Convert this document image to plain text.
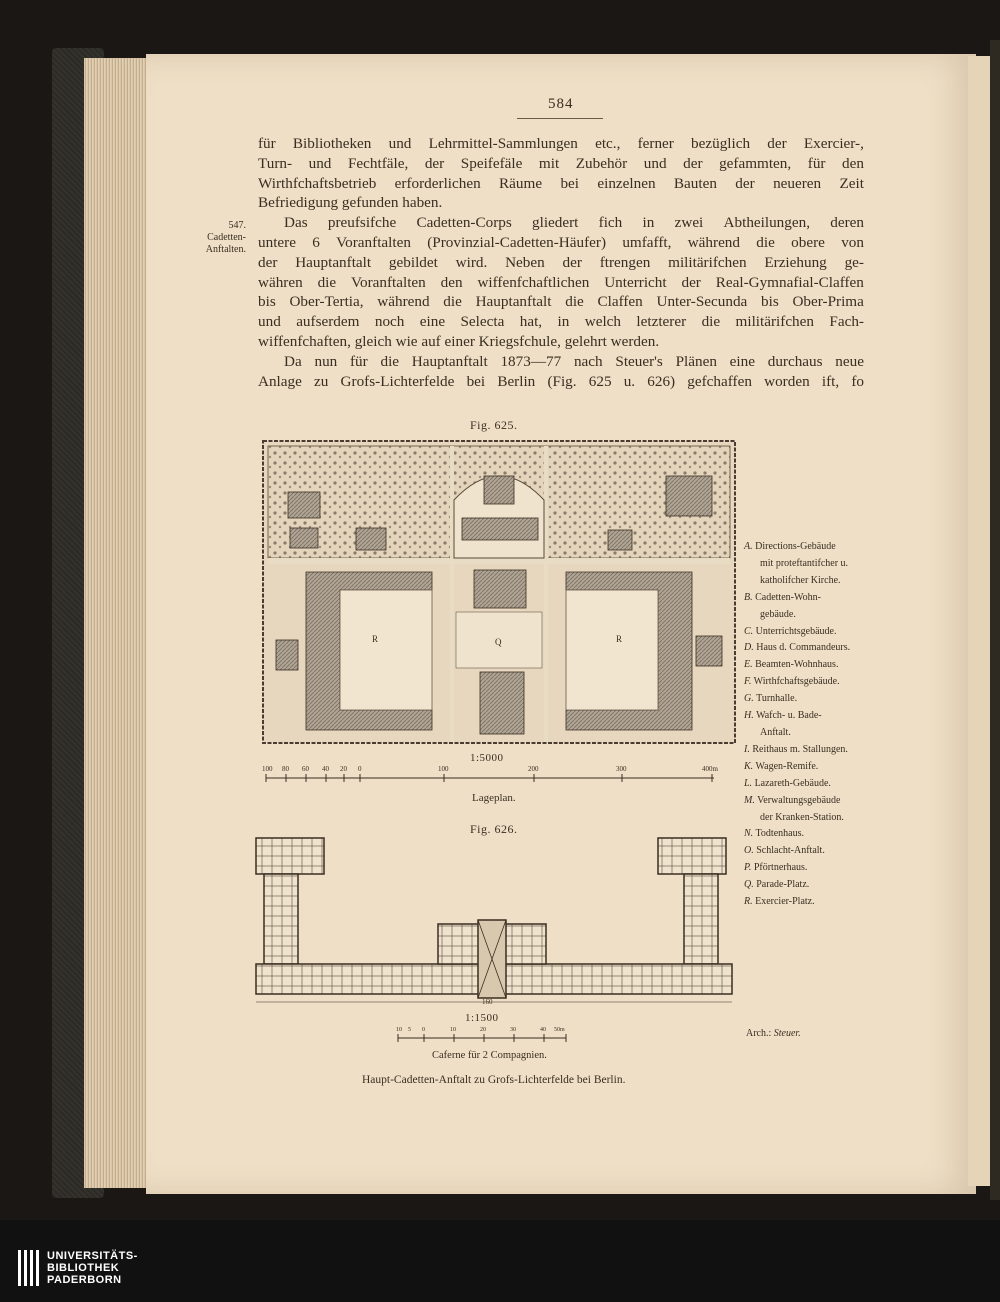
584
547.
Cadetten-
Anftalten.
für Bibliotheken und Lehrmittel-Sammlungen etc., ferner bezüglich der Exercier-,
Turn- und Fechtfäle, der Speifefäle mit Zubehör und der gefammten, für den
Wirthfchaftsbetrieb erforderlichen Räume bei einzelnen Bauten der neueren Zeit
Befriedigung gefunden haben.
Das preufsifche Cadetten-Corps gliedert fich in zwei Abtheilungen, deren
untere 6 Voranftalten (Provinzial-Cadetten-Häufer) umfafft, während die obere von
der Hauptanftalt gebildet wird. Neben der ftrengen militärifchen Erziehung ge-
währen die Voranftalten den wiffenfchaftlichen Unterricht der Real-Gymnafial-Claffen
bis Ober-Tertia, während die Hauptanftalt die Claffen Unter-Secunda bis Ober-Prima
und aufserdem noch eine Selecta hat, in welch letzterer die militärifchen Fach-
wiffenfchaften, gleich wie auf einer Kriegsfchule, gelehrt werden.
Da nun für die Hauptanftalt 1873—77 nach Steuer's Plänen eine durchaus neue
Anlage zu Grofs-Lichterfelde bei Berlin (Fig. 625 u. 626) gefchaffen worden ift, fo
Fig. 625.
R	Q	R
1:5000
100 80 60 40 20 0	100	200	300	400m
Lageplan.
Fig. 626.
160
1:1500
10 5 0	10	20	30	40 50m
Caferne für 2 Compagnien.
A. Directions-Gebäude
mit proteftantifcher u.
katholifcher Kirche.
B. Cadetten-Wohn-
gebäude.
C. Unterrichtsgebäude.
D. Haus d. Commandeurs.
E. Beamten-Wohnhaus.
F. Wirthfchaftsgebäude.
G. Turnhalle.
H. Wafch- u. Bade-
Anftalt.
I. Reithaus m. Stallungen.
K. Wagen-Remife.
L. Lazareth-Gebäude.
M. Verwaltungsgebäude
der Kranken-Station.
N. Todtenhaus.
O. Schlacht-Anftalt.
P. Pförtnerhaus.
Q. Parade-Platz.
R. Exercier-Platz.
Arch.: Steuer.
Haupt-Cadetten-Anftalt zu Grofs-Lichterfelde bei Berlin.
UNIVERSITÄTS-
BIBLIOTHEK
PADERBORN
